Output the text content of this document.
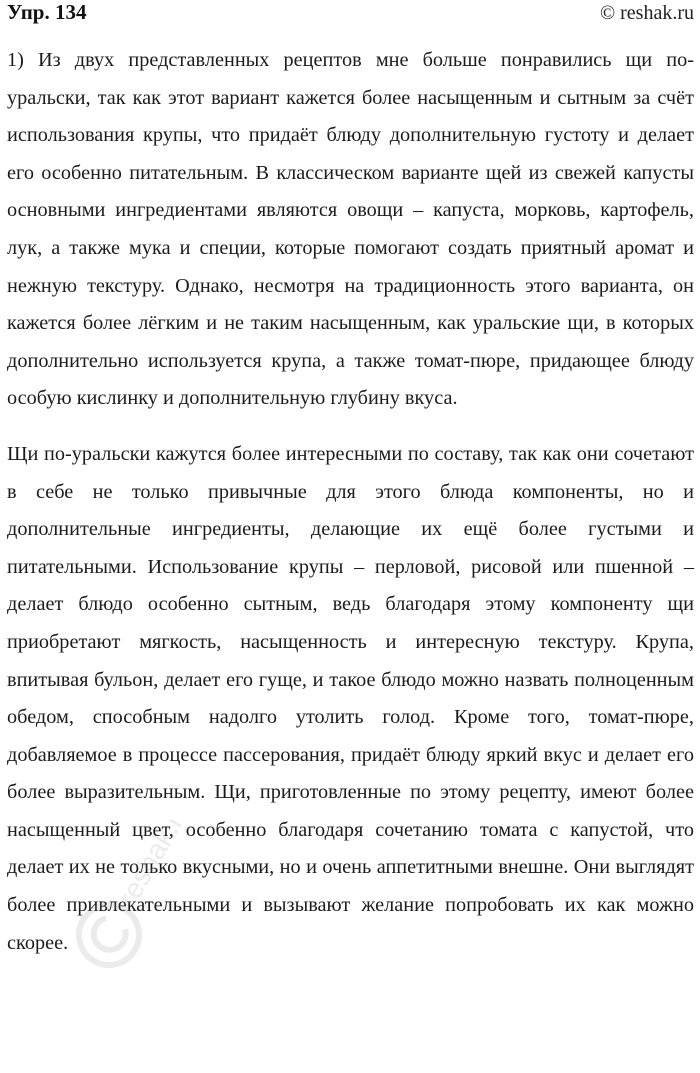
Упр. 134	© reshak.ru

1) Из двух представленных рецептов мне больше понравились щи по-уральски, так как этот вариант кажется более насыщенным и сытным за счёт использования крупы, что придаёт блюду дополнительную густоту и делает его особенно питательным. В классическом варианте щей из свежей капусты основными ингредиентами являются овощи – капуста, морковь, картофель, лук, а также мука и специи, которые помогают создать приятный аромат и нежную текстуру. Однако, несмотря на традиционность этого варианта, он кажется более лёгким и не таким насыщенным, как уральские щи, в которых дополнительно используется крупа, а также томат-пюре, придающее блюду особую кислинку и дополнительную глубину вкуса.

Щи по-уральски кажутся более интересными по составу, так как они сочетают в себе не только привычные для этого блюда компоненты, но и дополнительные ингредиенты, делающие их ещё более густыми и питательными. Использование крупы – перловой, рисовой или пшенной – делает блюдо особенно сытным, ведь благодаря этому компоненту щи приобретают мягкость, насыщенность и интересную текстуру. Крупа, впитывая бульон, делает его гуще, и такое блюдо можно назвать полноценным обедом, способным надолго утолить голод. Кроме того, томат-пюре, добавляемое в процессе пассерования, придаёт блюду яркий вкус и делает его более выразительным. Щи, приготовленные по этому рецепту, имеют более насыщенный цвет, особенно благодаря сочетанию томата с капустой, что делает их не только вкусными, но и очень аппетитными внешне. Они выглядят более привлекательными и вызывают желание попробовать их как можно скорее.

reshak.ru
